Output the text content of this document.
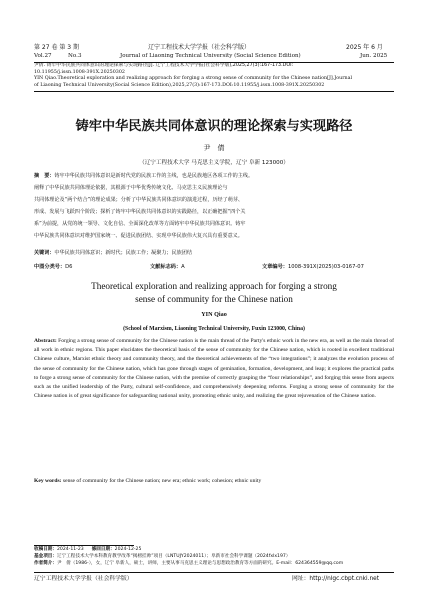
第 27 卷 第 3 期	辽宁工程技术大学学报（社会科学版）	2025 年 6 月
Vol.27	No.3	Journal of Liaoning Technical University (Social Science Edition)	Jun. 2025
尹倩. 铸牢中华民族共同体意识的理论探索与实现路径[J]. 辽宁工程技术大学学报(社会科学版),2025,27(3):167-173.DOI:
10.11955/j.issn.1008-391X.20250302
YIN Qiao.Theoretical exploration and realizing approach for forging a strong sense of community for the Chinese nation[J].Journal
of Liaoning Technical University(Social Science Edition),2025,27(3):167-173.DOI:10.11955/j.issn.1008-391X.20250302
铸牢中华民族共同体意识的理论探索与实现路径
尹　倩
（辽宁工程技术大学 马克思主义学院，辽宁 阜新 123000）
摘　要：铸牢中华民族共同体意识是新时代党的民族工作的主线，也是民族地区各项工作的主线。
阐释了中华民族共同体理论依据，其根源于中华优秀传统文化、马克思主义民族理论与
共同体理论及“两个结合”的理论成果；分析了中华民族共同体意识的演进过程，历经了萌芽、
形成、发展与飞跃四个阶段；探析了铸牢中华民族共同体意识的实践路径，以正确把握“四个关
系”为前提，从党的统一领导、文化自信、全面深化改革等方面铸牢中华民族共同体意识。铸牢
中华民族共同体意识对维护国家统一、促进民族团结、实现中华民族伟大复兴具有重要意义。
关键词：中华民族共同体意识；新时代；民族工作；凝聚力；民族团结
中图分类号：D6	文献标志码：A	文章编号：1008-391X(2025)03-0167-07
Theoretical exploration and realizing approach for forging a strong
sense of community for the Chinese nation
YIN Qiao
(School of Marxism, Liaoning Technical University, Fuxin 123000, China)
Abstract: Forging a strong sense of community for the Chinese nation is the main thread of the Party's ethnic work in the new era, as well as the main thread of all work in ethnic regions. This paper elucidates the theoretical basis of the sense of community for the Chinese nation, which is rooted in excellent traditional Chinese culture, Marxist ethnic theory and community theory, and the theoretical achievements of the “two integrations”; it analyzes the evolution process of the sense of community for the Chinese nation, which has gone through stages of gemination, formation, development, and leap; it explores the practical paths to forge a strong sense of community for the Chinese nation, with the premise of correctly grasping the “four relationships”, and forging this sense from aspects such as the unified leadership of the Party, cultural self-confidence, and comprehensively deepening reforms. Forging a strong sense of community for the Chinese nation is of great significance for safeguarding national unity, promoting ethnic unity, and realizing the great rejuvenation of the Chinese nation.
Key words: sense of community for the Chinese nation; new era; ethnic work; cohesion; ethnic unity
收稿日期：2024-11-23 修回日期：2024-12-25
基金项目：辽宁工程技术大学本科教育教学改革“揭榜挂帅”项目（LNTUJY2024011）；阜新市社会科学课题（2024fxlx197）
作者简介：尹　倩（1986-），女，辽宁 阜新人，硕士，讲师，主要从事马克思主义理论与思想政治教育等方面的研究。E-mail：624364559@qq.com
辽宁工程技术大学学报（社会科学版）	网址：http://nlgc.cbpt.cnki.net
